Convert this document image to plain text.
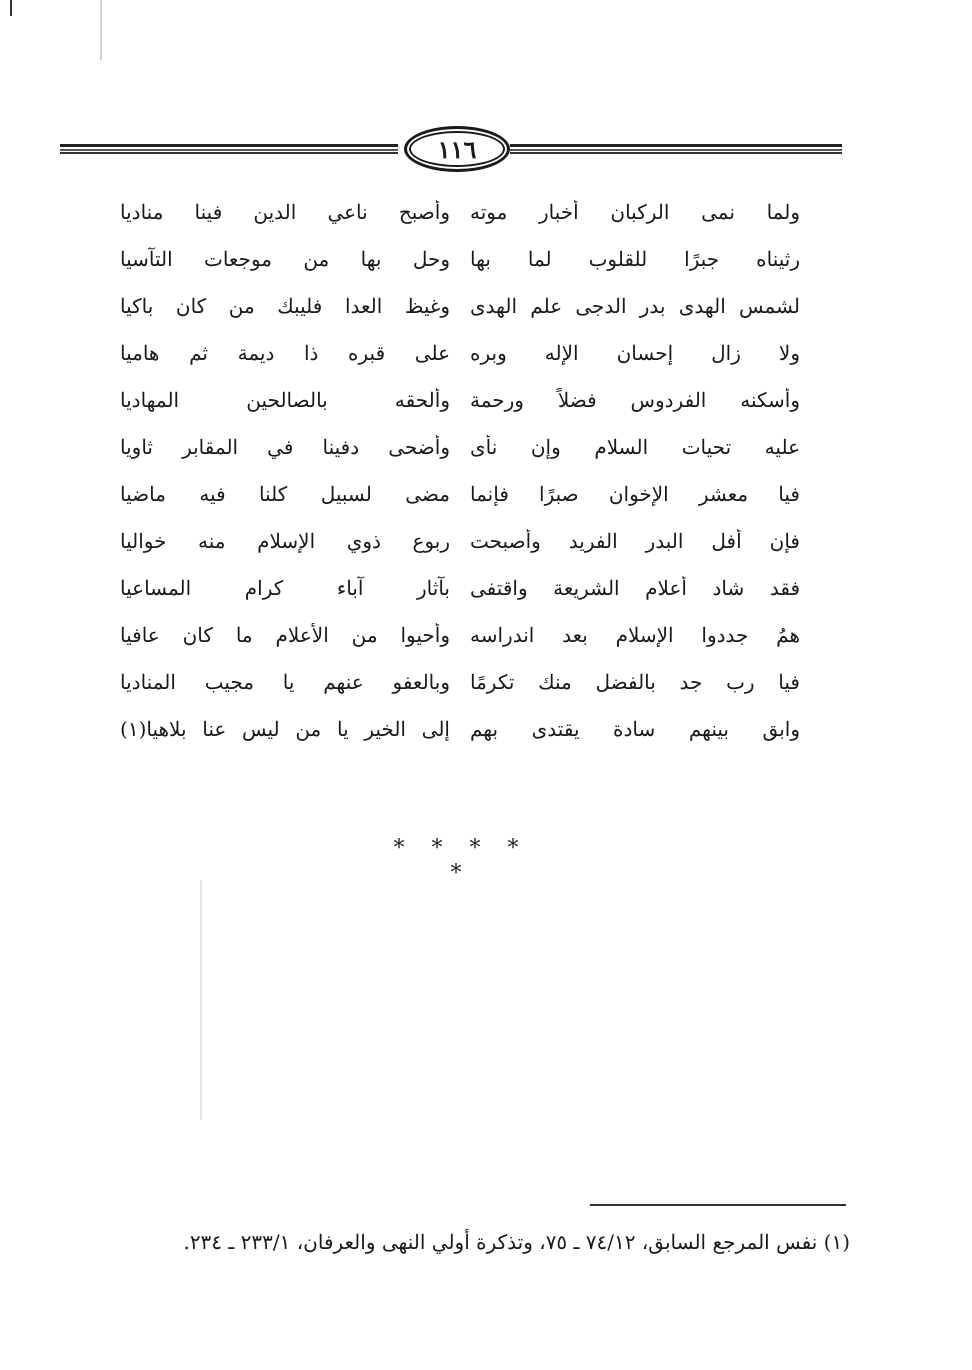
١١٦
ولما نمى الركبان أخبار موته
وأصبح ناعي الدين فينا مناديا
رثيناه جبرًا للقلوب لما بها
وحل بها من موجعات التآسيا
لشمس الهدى بدر الدجى علم الهدى
وغيظ العدا فليبك من كان باكيا
ولا زال إحسان الإله وبره
على قبره ذا ديمة ثم هاميا
وأسكنه الفردوس فضلاً ورحمة
وألحقه بالصالحين المهاديا
عليه تحيات السلام وإن نأى
وأضحى دفينا في المقابر ثاويا
فيا معشر الإخوان صبرًا فإنما
مضى لسبيل كلنا فيه ماضيا
فإن أفل البدر الفريد وأصبحت
ربوع ذوي الإسلام منه خواليا
فقد شاد أعلام الشريعة واقتفى
بآثار آباء كرام المساعيا
همُ جددوا الإسلام بعد اندراسه
وأحيوا من الأعلام ما كان عافيا
فيا رب جد بالفضل منك تكرمًا
وبالعفو عنهم يا مجيب المناديا
وابق بينهم سادة يقتدى بهم
إلى الخير يا من ليس عنا بلاهيا(١)
* * * * *
(١) نفس المرجع السابق، ٧٤/١٢ ـ ٧٥، وتذكرة أولي النهى والعرفان، ٢٣٣/١ ـ ٢٣٤.
